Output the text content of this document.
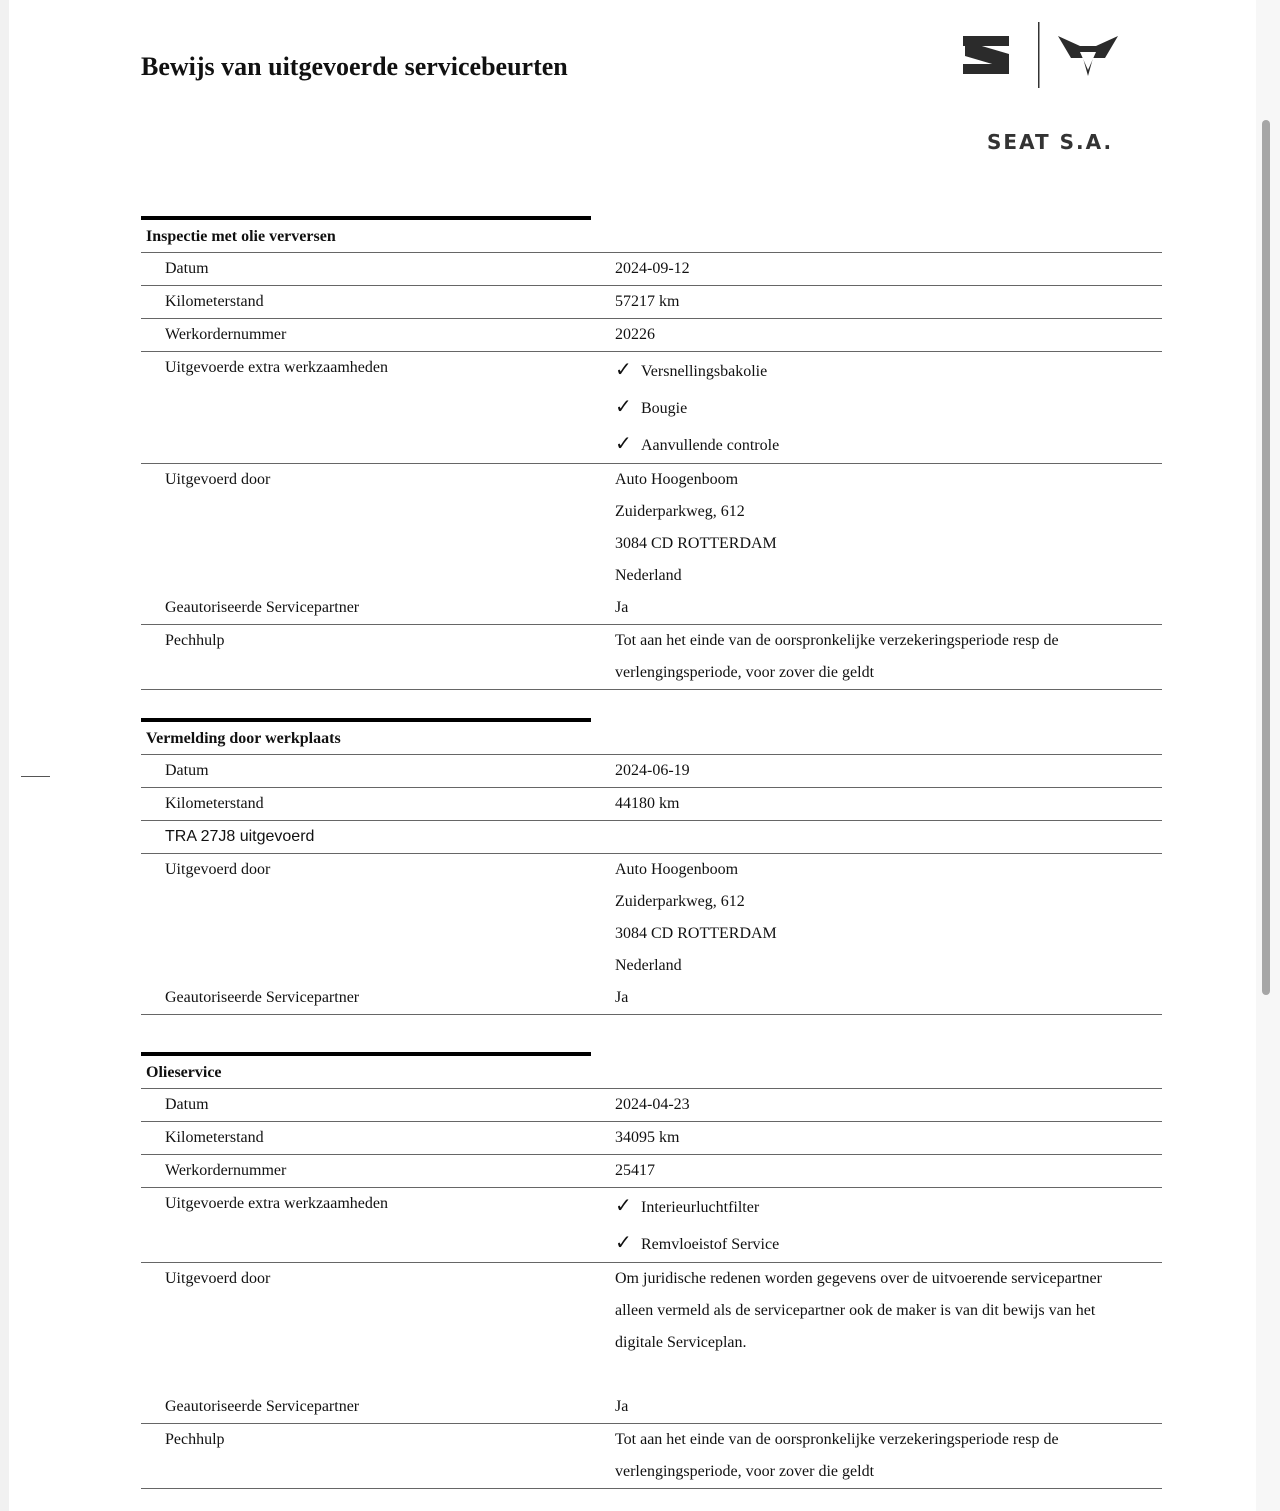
Bewijs van uitgevoerde servicebeurten
SEAT S.A.
Inspectie met olie verversen
Datum	2024-09-12
Kilometerstand	57217 km
Werkordernummer	20226
Uitgevoerde extra werkzaamheden	✓ Versnellingsbakolie
✓ Bougie
✓ Aanvullende controle
Uitgevoerd door	Auto Hoogenboom
Zuiderparkweg, 612
3084 CD ROTTERDAM
Nederland
Geautoriseerde Servicepartner	Ja
Pechhulp	Tot aan het einde van de oorspronkelijke verzekeringsperiode resp de
verlengingsperiode, voor zover die geldt
Vermelding door werkplaats
Datum	2024-06-19
Kilometerstand	44180 km
TRA 27J8 uitgevoerd
Uitgevoerd door	Auto Hoogenboom
Zuiderparkweg, 612
3084 CD ROTTERDAM
Nederland
Geautoriseerde Servicepartner	Ja
Olieservice
Datum	2024-04-23
Kilometerstand	34095 km
Werkordernummer	25417
Uitgevoerde extra werkzaamheden	✓ Interieurluchtfilter
✓ Remvloeistof Service
Uitgevoerd door	Om juridische redenen worden gegevens over de uitvoerende servicepartner
alleen vermeld als de servicepartner ook de maker is van dit bewijs van het
digitale Serviceplan.
Geautoriseerde Servicepartner	Ja
Pechhulp	Tot aan het einde van de oorspronkelijke verzekeringsperiode resp de
verlengingsperiode, voor zover die geldt
